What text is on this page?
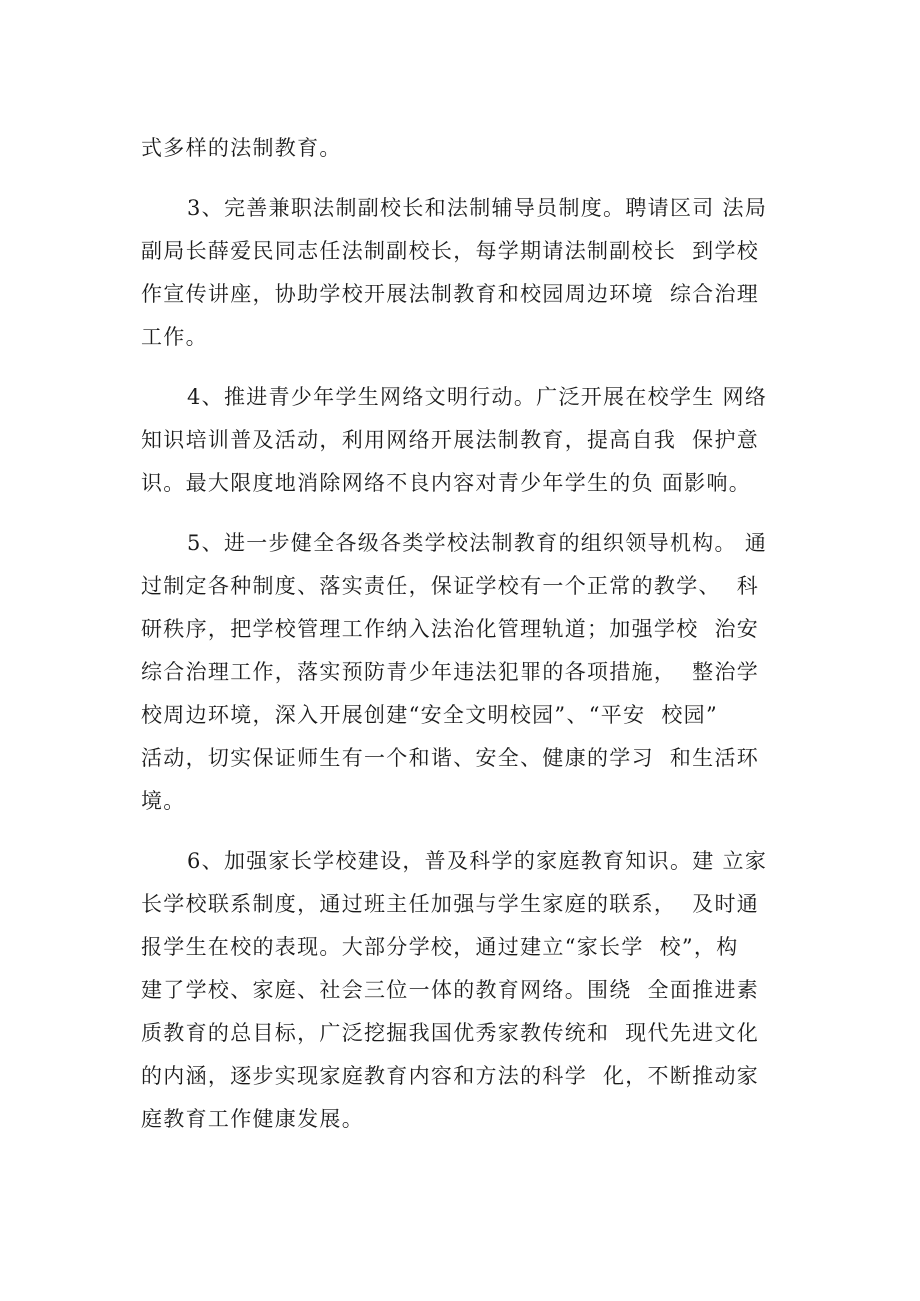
式多样的法制教育。
3、完善兼职法制副校长和法制辅导员制度。聘请区司 法局
副局长薛爱民同志任法制副校长，每学期请法制副校长  到学校
作宣传讲座，协助学校开展法制教育和校园周边环境  综合治理
工作。
4、推进青少年学生网络文明行动。广泛开展在校学生 网络
知识培训普及活动，利用网络开展法制教育，提高自我  保护意
识。最大限度地消除网络不良内容对青少年学生的负 面影响。
5、进一步健全各级各类学校法制教育的组织领导机构。 通
过制定各种制度、落实责任，保证学校有一个正常的教学、  科
研秩序，把学校管理工作纳入法治化管理轨道；加强学校  治安
综合治理工作，落实预防青少年违法犯罪的各项措施，  整治学
校周边环境，深入开展创建“安全文明校园”、“平安  校园”
活动，切实保证师生有一个和谐、安全、健康的学习  和生活环
境。
6、加强家长学校建设，普及科学的家庭教育知识。建 立家
长学校联系制度，通过班主任加强与学生家庭的联系，  及时通
报学生在校的表现。大部分学校，通过建立“家长学  校”，构
建了学校、家庭、社会三位一体的教育网络。围绕  全面推进素
质教育的总目标，广泛挖掘我国优秀家教传统和  现代先进文化
的内涵，逐步实现家庭教育内容和方法的科学  化，不断推动家
庭教育工作健康发展。
